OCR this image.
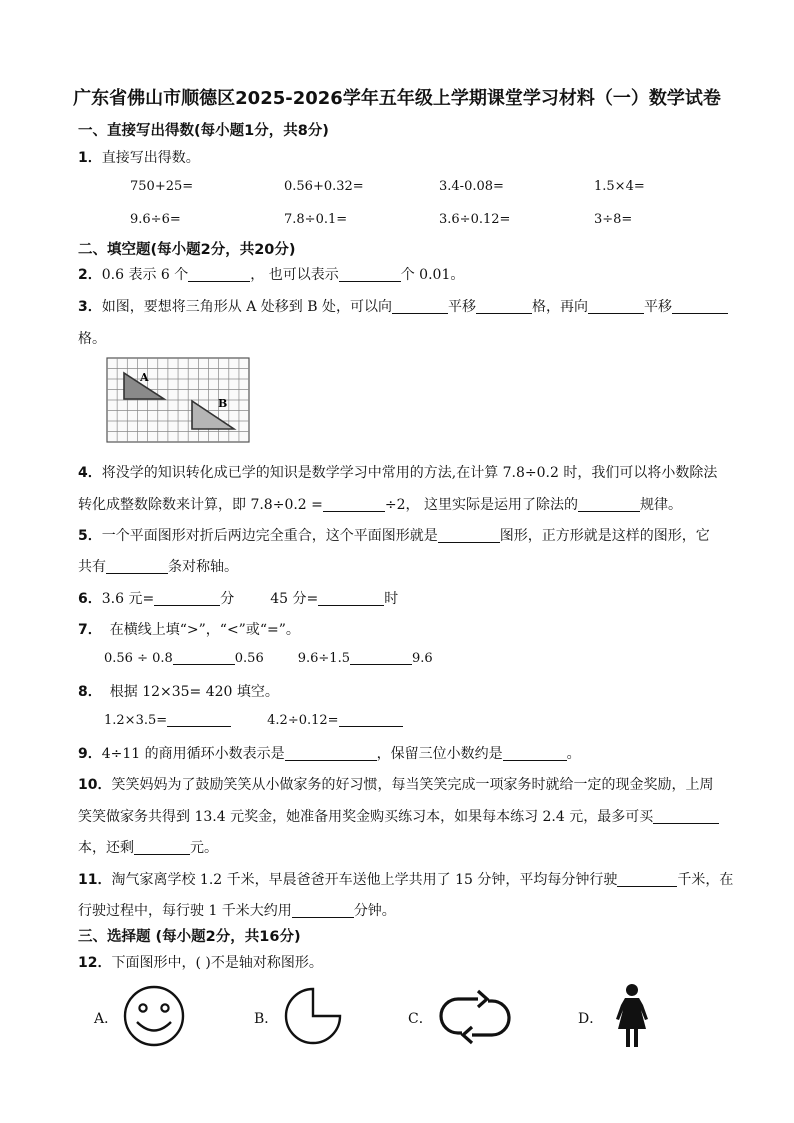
广东省佛山市顺德区2025-2026学年五年级上学期课堂学习材料（一）数学试卷
一、直接写出得数(每小题1分，共8分)
1．直接写出得数。
750+25=	0.56+0.32=	3.4-0.08=	1.5×4=
9.6÷6=	7.8÷0.1=	3.6÷0.12=	3÷8=
二、填空题(每小题2分，共20分)
2．0.6 表示 6 个	， 也可以表示	个 0.01。
3．如图，要想将三角形从 A 处移到 B 处，可以向	平移	格，再向	平移
格。
A
B
4．将没学的知识转化成已学的知识是数学学习中常用的方法,在计算 7.8÷0.2 时，我们可以将小数除法
转化成整数除数来计算，即 7.8÷0.2 =	÷2， 这里实际是运用了除法的	规律。
5．一个平面图形对折后两边完全重合，这个平面图形就是	图形，正方形就是这样的图形，它
共有	条对称轴。
6．3.6 元=	分	45 分=	时
7． 在横线上填“>”，“<”或“=”。
0.56 ÷ 0.8	0.56	9.6÷1.5	9.6
8． 根据 12×35= 420 填空。
1.2×3.5=	4.2÷0.12=
9．4÷11 的商用循环小数表示是	，保留三位小数约是	。
10．笑笑妈妈为了鼓励笑笑从小做家务的好习惯，每当笑笑完成一项家务时就给一定的现金奖励，上周
笑笑做家务共得到 13.4 元奖金，她准备用奖金购买练习本，如果每本练习 2.4 元，最多可买
本，还剩	元。
11．淘气家离学校 1.2 千米，早晨爸爸开车送他上学共用了 15 分钟，平均每分钟行驶	千米，在
行驶过程中，每行驶 1 千米大约用	分钟。
三、选择题 (每小题2分，共16分)
12．下面图形中，( )不是轴对称图形。
A．	B．	C．	D．
